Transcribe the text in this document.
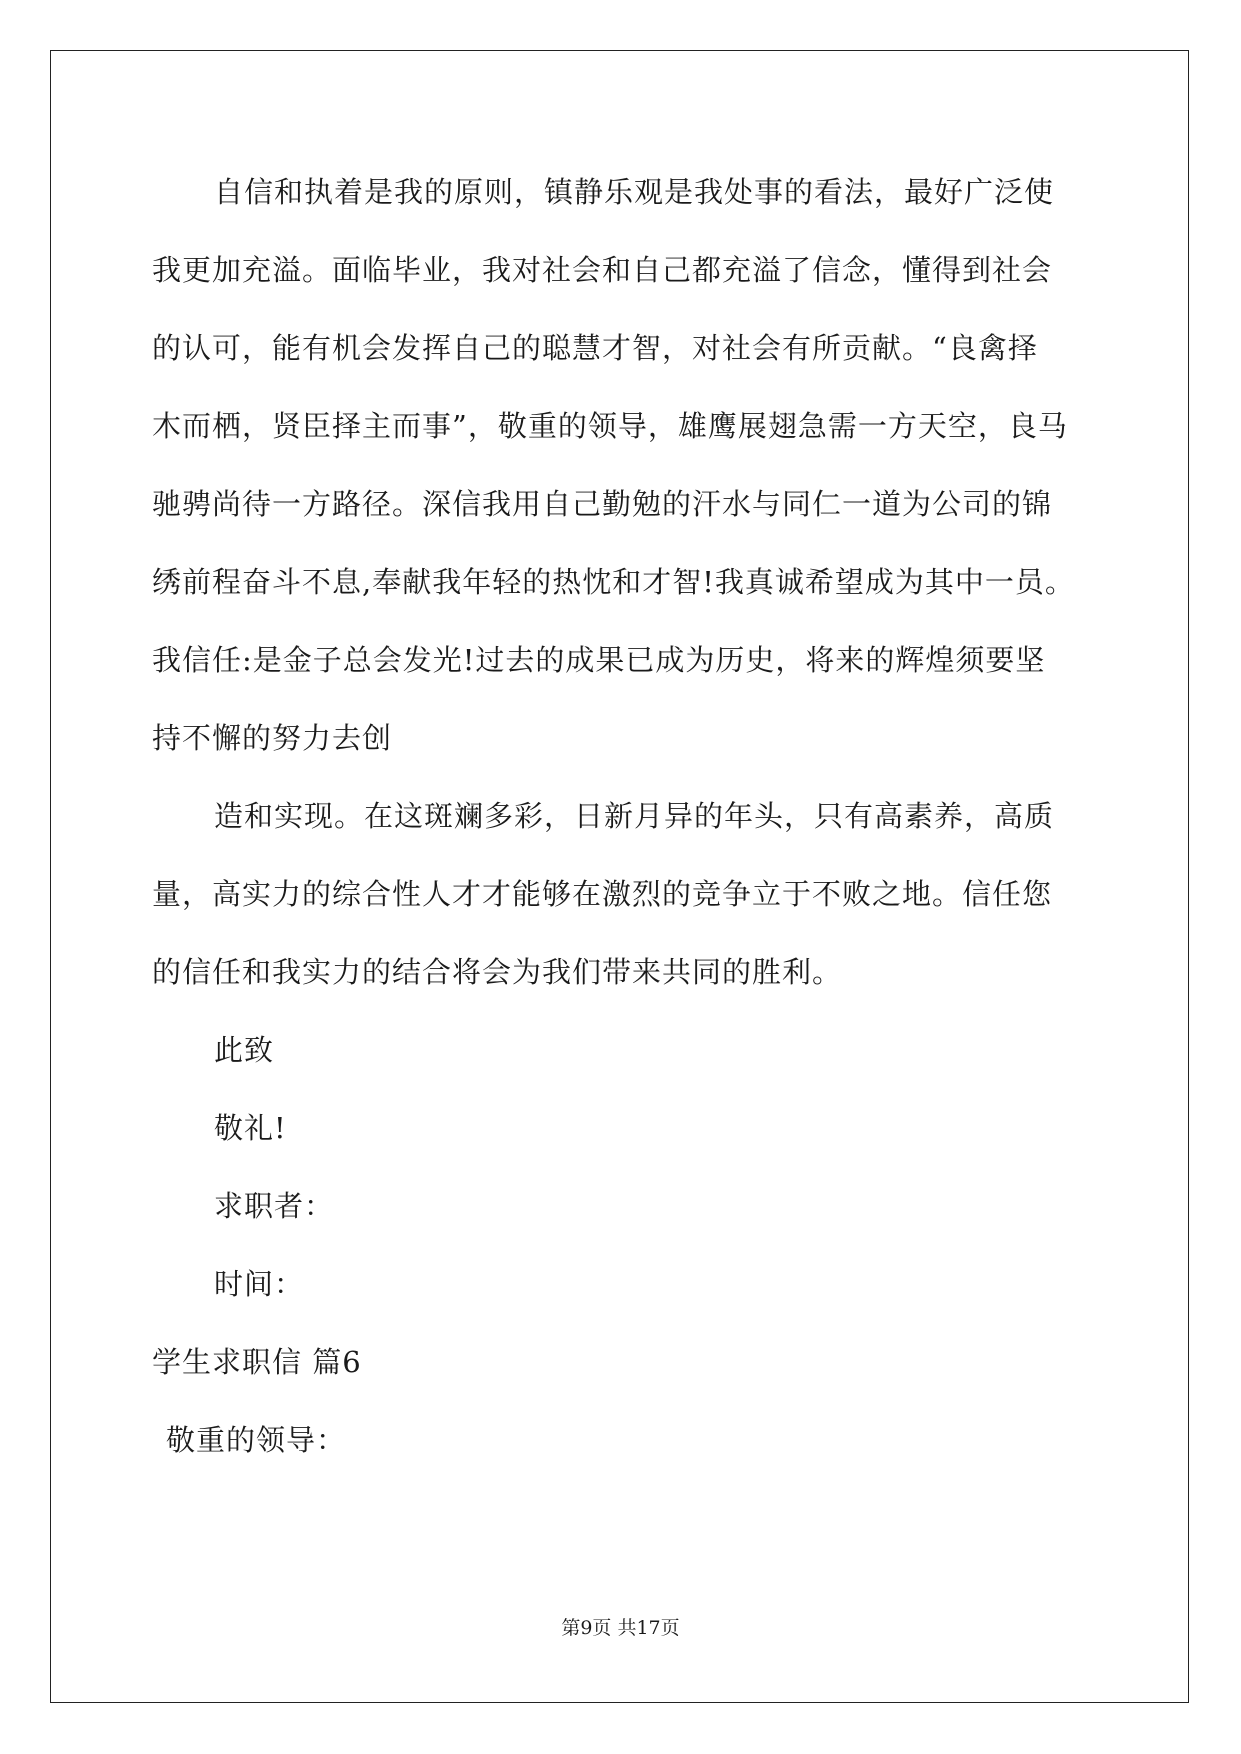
自信和执着是我的原则，镇静乐观是我处事的看法，最好广泛使
我更加充溢。面临毕业，我对社会和自己都充溢了信念，懂得到社会
的认可，能有机会发挥自己的聪慧才智，对社会有所贡献。“良禽择
木而栖，贤臣择主而事”，敬重的领导，雄鹰展翅急需一方天空，良马
驰骋尚待一方路径。深信我用自己勤勉的汗水与同仁一道为公司的锦
绣前程奋斗不息,奉献我年轻的热忱和才智!我真诚希望成为其中一员。
我信任:是金子总会发光!过去的成果已成为历史，将来的辉煌须要坚
持不懈的努力去创
造和实现。在这斑斓多彩，日新月异的年头，只有高素养，高质
量，高实力的综合性人才才能够在激烈的竞争立于不败之地。信任您
的信任和我实力的结合将会为我们带来共同的胜利。
此致
敬礼!
求职者：
时间：
学生求职信 篇6
敬重的领导：
第9页 共17页
